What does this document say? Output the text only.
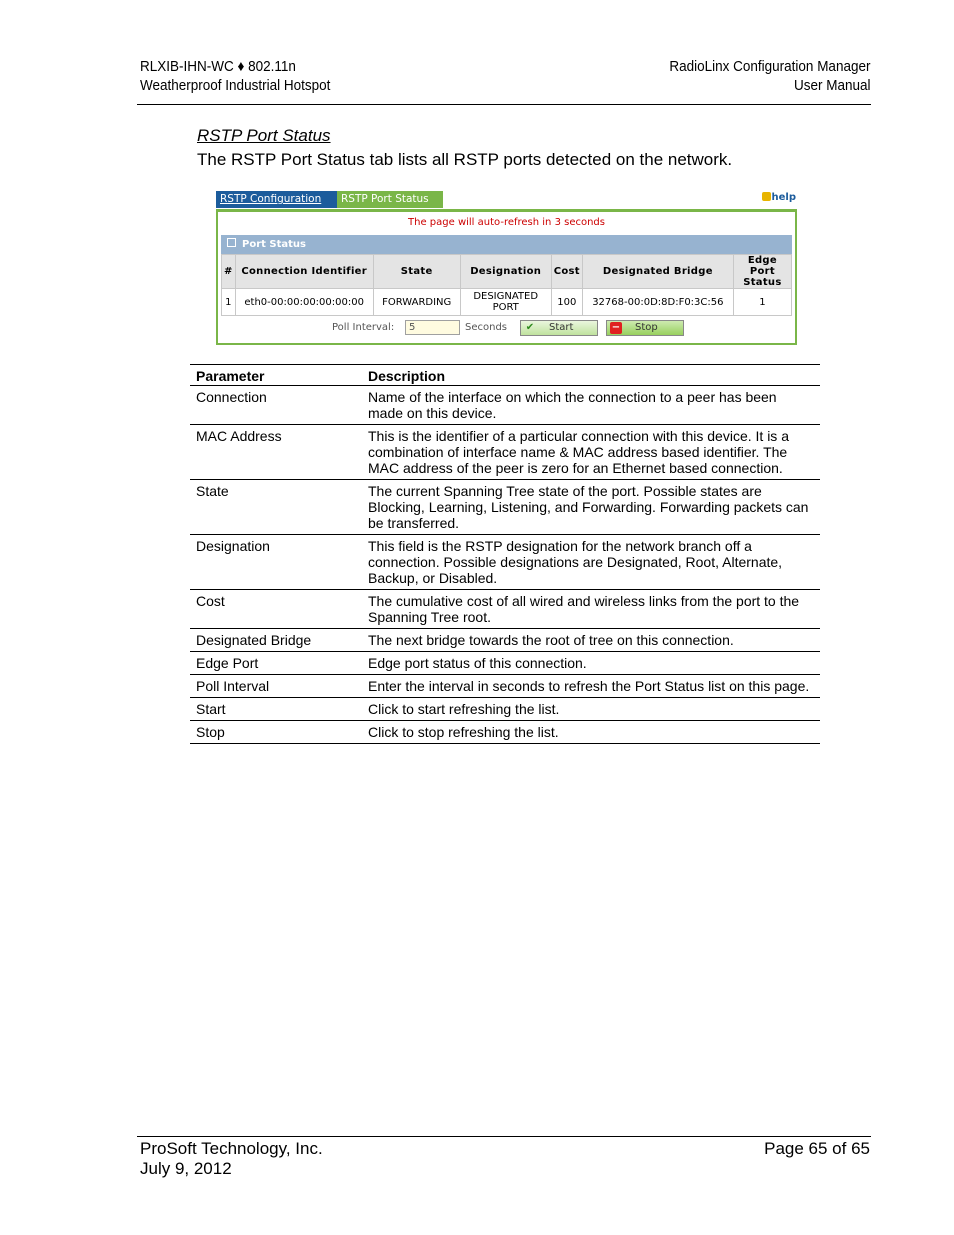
RLXIB-IHN-WC ♦ 802.11n
Weatherproof Industrial Hotspot
RadioLinx Configuration Manager
User Manual
RSTP Port Status
The RSTP Port Status tab lists all RSTP ports detected on the network.
RSTP Configuration	RSTP Port Status	help
The page will auto-refresh in 3 seconds
Port Status
#	Connection Identifier	State	Designation	Cost	Designated Bridge	Edge Port Status
1	eth0-00:00:00:00:00:00	FORWARDING	DESIGNATED PORT	100	32768-00:0D:8D:F0:3C:56	1
Poll Interval:	5	Seconds ✔ Start	− Stop
Parameter	Description
Connection	Name of the interface on which the connection to a peer has been made on this device.
MAC Address	This is the identifier of a particular connection with this device. It is a combination of interface name & MAC address based identifier. The MAC address of the peer is zero for an Ethernet based connection.
State	The current Spanning Tree state of the port. Possible states are Blocking, Learning, Listening, and Forwarding. Forwarding packets can be transferred.
Designation	This field is the RSTP designation for the network branch off a connection. Possible designations are Designated, Root, Alternate, Backup, or Disabled.
Cost	The cumulative cost of all wired and wireless links from the port to the Spanning Tree root.
Designated Bridge	The next bridge towards the root of tree on this connection.
Edge Port	Edge port status of this connection.
Poll Interval	Enter the interval in seconds to refresh the Port Status list on this page.
Start	Click to start refreshing the list.
Stop	Click to stop refreshing the list.
ProSoft Technology, Inc.
July 9, 2012
Page 65 of 65
